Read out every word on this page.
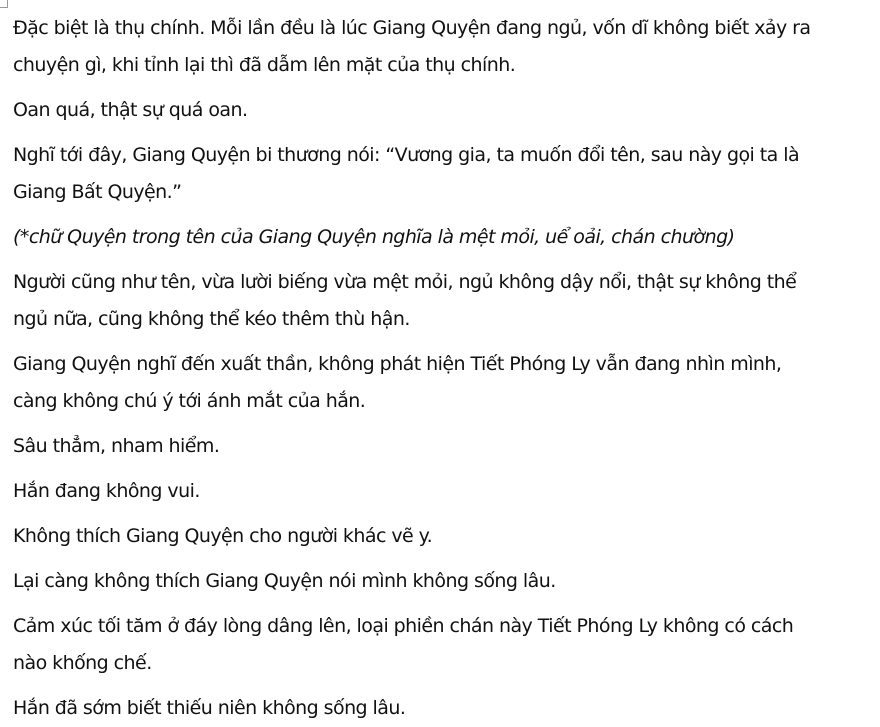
Đặc biệt là thụ chính. Mỗi lần đều là lúc Giang Quyện đang ngủ, vốn dĩ không biết xảy ra
chuyện gì, khi tỉnh lại thì đã dẫm lên mặt của thụ chính.

Oan quá, thật sự quá oan.

Nghĩ tới đây, Giang Quyện bi thương nói: “Vương gia, ta muốn đổi tên, sau này gọi ta là
Giang Bất Quyện.”

(*chữ Quyện trong tên của Giang Quyện nghĩa là mệt mỏi, uể oải, chán chường)

Người cũng như tên, vừa lười biếng vừa mệt mỏi, ngủ không dậy nổi, thật sự không thể
ngủ nữa, cũng không thể kéo thêm thù hận.

Giang Quyện nghĩ đến xuất thần, không phát hiện Tiết Phóng Ly vẫn đang nhìn mình,
càng không chú ý tới ánh mắt của hắn.

Sâu thẳm, nham hiểm.

Hắn đang không vui.

Không thích Giang Quyện cho người khác vẽ y.

Lại càng không thích Giang Quyện nói mình không sống lâu.

Cảm xúc tối tăm ở đáy lòng dâng lên, loại phiền chán này Tiết Phóng Ly không có cách
nào khống chế.

Hắn đã sớm biết thiếu niên không sống lâu.
